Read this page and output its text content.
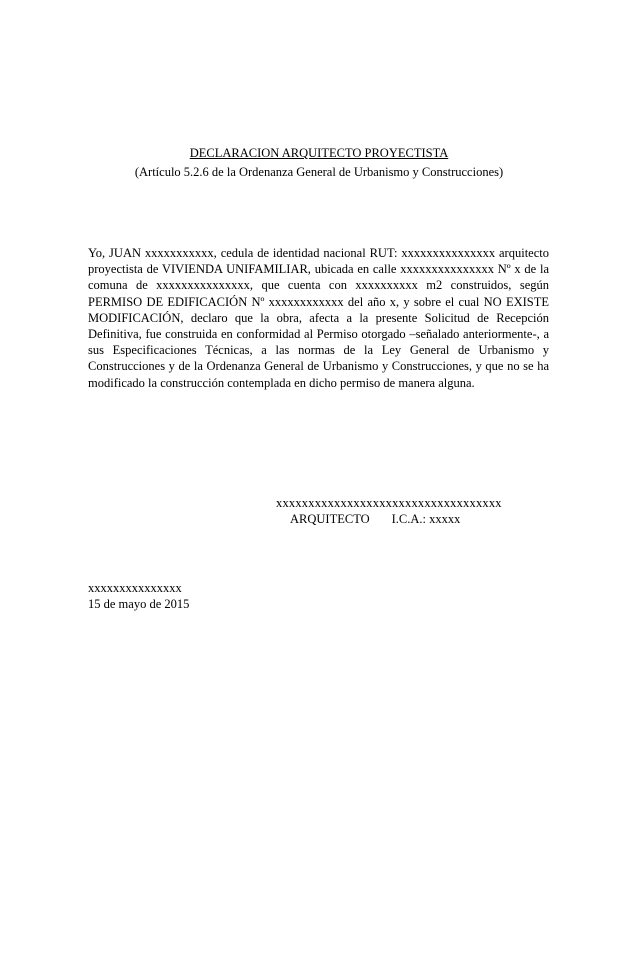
DECLARACION ARQUITECTO PROYECTISTA
(Artículo 5.2.6 de la Ordenanza General de Urbanismo y Construcciones)
Yo, JUAN xxxxxxxxxxx, cedula de identidad nacional RUT: xxxxxxxxxxxxxxx arquitecto proyectista de VIVIENDA UNIFAMILIAR, ubicada en calle xxxxxxxxxxxxxxx Nº x de la comuna de xxxxxxxxxxxxxxx, que cuenta con xxxxxxxxxx m2 construidos, según PERMISO DE EDIFICACIÓN Nº xxxxxxxxxxxx del año x, y sobre el cual NO EXISTE MODIFICACIÓN, declaro que la obra, afecta a la presente Solicitud de Recepción Definitiva, fue construida en conformidad al Permiso otorgado –señalado anteriormente-, a sus Especificaciones Técnicas, a las normas de la Ley General de Urbanismo y Construcciones y de la Ordenanza General de Urbanismo y Construcciones, y que no se ha modificado la construcción contemplada en dicho permiso de manera alguna.
xxxxxxxxxxxxxxxxxxxxxxxxxxxxxxxxxxx
ARQUITECTO I.C.A.: xxxxx
xxxxxxxxxxxxxxx
15 de mayo de 2015
